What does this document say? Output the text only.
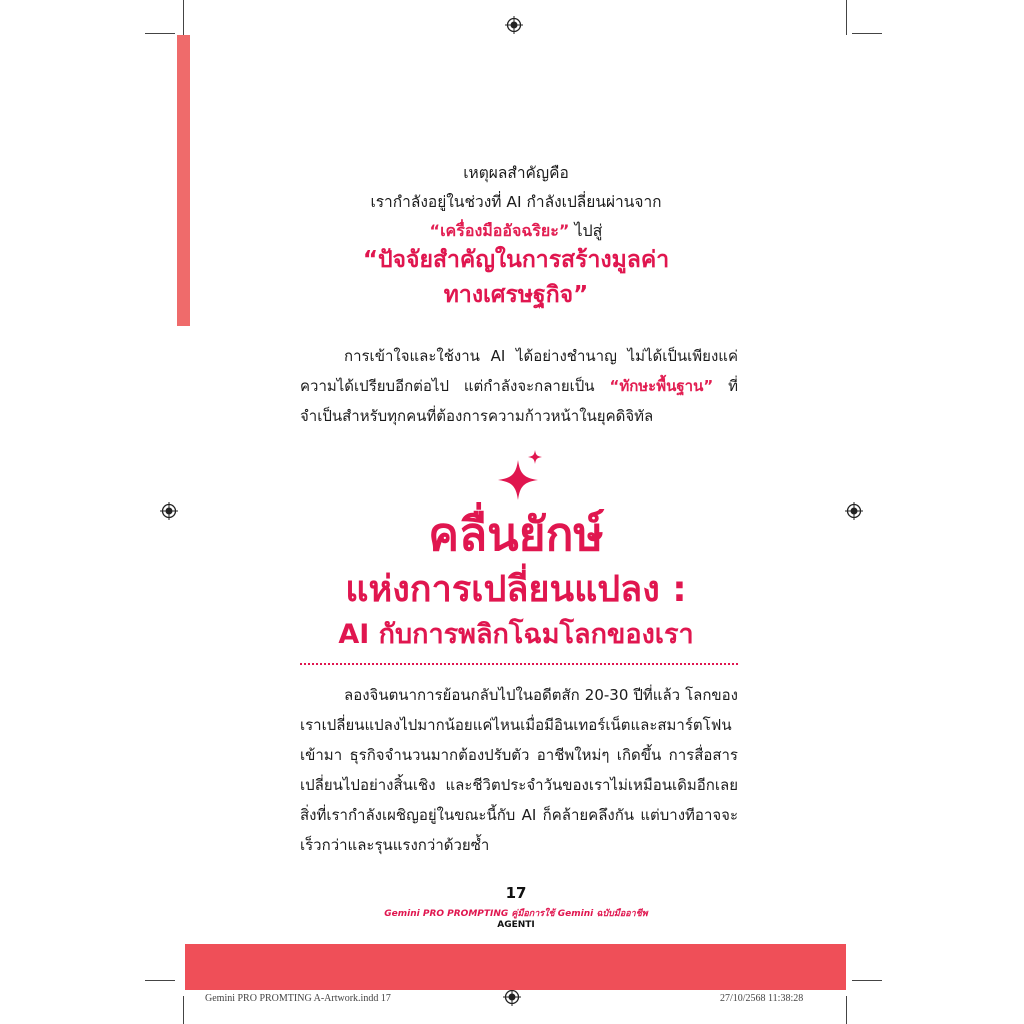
เหตุผลสำคัญคือ
เรากำลังอยู่ในช่วงที่ AI กำลังเปลี่ยนผ่านจาก
“เครื่องมืออัจฉริยะ” ไปสู่
“ปัจจัยสำคัญในการสร้างมูลค่า
ทางเศรษฐกิจ”

การเข้าใจและใช้งาน AI ได้อย่างชำนาญ ไม่ได้เป็นเพียงแค่ความได้เปรียบอีกต่อไป แต่กำลังจะกลายเป็น “ทักษะพื้นฐาน” ที่จำเป็นสำหรับทุกคนที่ต้องการความก้าวหน้าในยุคดิจิทัล

คลื่นยักษ์
แห่งการเปลี่ยนแปลง :
AI กับการพลิกโฉมโลกของเรา

ลองจินตนาการย้อนกลับไปในอดีตสัก 20-30 ปีที่แล้ว โลกของเราเปลี่ยนแปลงไปมากน้อยแค่ไหนเมื่อมีอินเทอร์เน็ตและสมาร์ตโฟนเข้ามา ธุรกิจจำนวนมากต้องปรับตัว อาชีพใหม่ๆ เกิดขึ้น การสื่อสารเปลี่ยนไปอย่างสิ้นเชิง และชีวิตประจำวันของเราไม่เหมือนเดิมอีกเลย สิ่งที่เรากำลังเผชิญอยู่ในขณะนี้กับ AI ก็คล้ายคลึงกัน แต่บางทีอาจจะเร็วกว่าและรุนแรงกว่าด้วยซ้ำ

17
Gemini PRO PROMPTING คู่มือการใช้ Gemini ฉบับมืออาชีพ
AGENTI
Gemini PRO PROMTING A-Artwork.indd 17	27/10/2568 11:38:28
